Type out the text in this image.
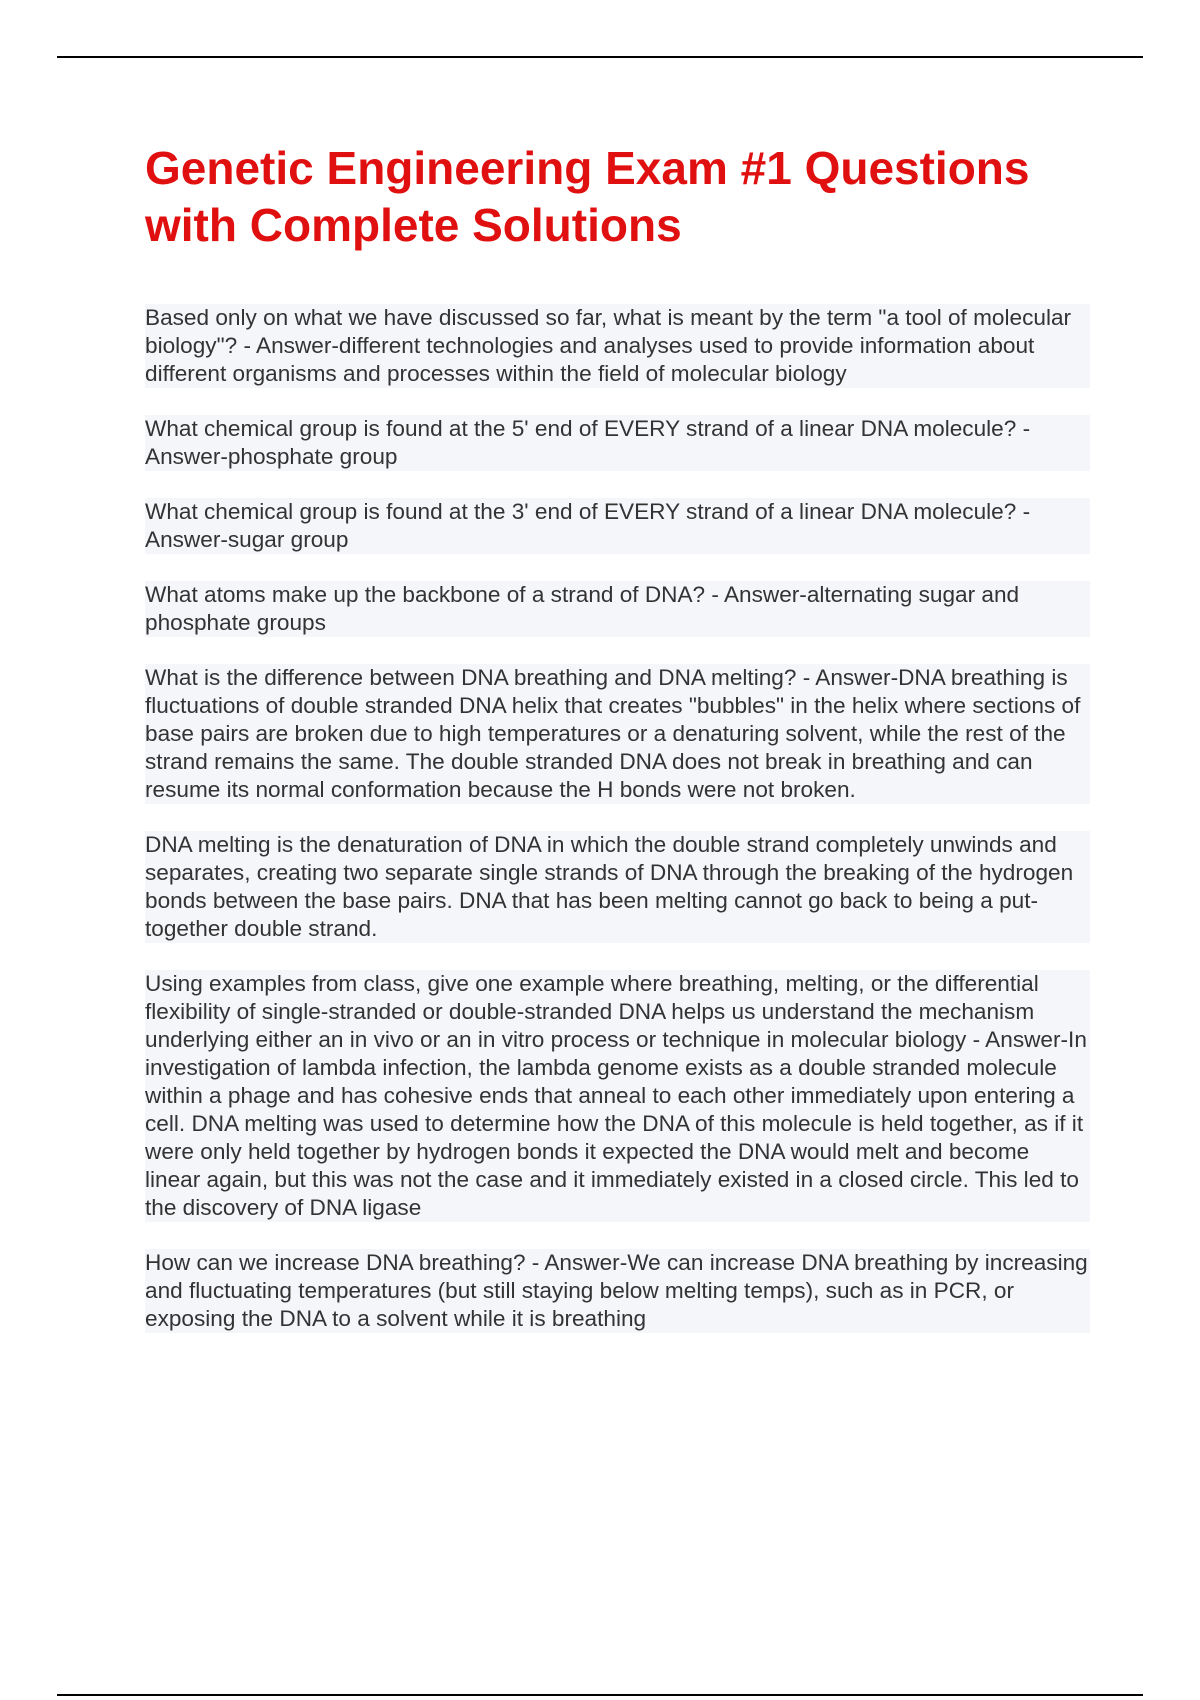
Genetic Engineering Exam #1 Questions with Complete Solutions

Based only on what we have discussed so far, what is meant by the term "a tool of molecular biology"? - Answer-different technologies and analyses used to provide information about different organisms and processes within the field of molecular biology

What chemical group is found at the 5' end of EVERY strand of a linear DNA molecule? - Answer-phosphate group

What chemical group is found at the 3' end of EVERY strand of a linear DNA molecule? - Answer-sugar group

What atoms make up the backbone of a strand of DNA? - Answer-alternating sugar and phosphate groups

What is the difference between DNA breathing and DNA melting? - Answer-DNA breathing is fluctuations of double stranded DNA helix that creates "bubbles" in the helix where sections of base pairs are broken due to high temperatures or a denaturing solvent, while the rest of the strand remains the same. The double stranded DNA does not break in breathing and can resume its normal conformation because the H bonds were not broken.

DNA melting is the denaturation of DNA in which the double strand completely unwinds and separates, creating two separate single strands of DNA through the breaking of the hydrogen bonds between the base pairs. DNA that has been melting cannot go back to being a put-together double strand.

Using examples from class, give one example where breathing, melting, or the differential flexibility of single-stranded or double-stranded DNA helps us understand the mechanism underlying either an in vivo or an in vitro process or technique in molecular biology - Answer-In investigation of lambda infection, the lambda genome exists as a double stranded molecule within a phage and has cohesive ends that anneal to each other immediately upon entering a cell. DNA melting was used to determine how the DNA of this molecule is held together, as if it were only held together by hydrogen bonds it expected the DNA would melt and become linear again, but this was not the case and it immediately existed in a closed circle. This led to the discovery of DNA ligase

How can we increase DNA breathing? - Answer-We can increase DNA breathing by increasing and fluctuating temperatures (but still staying below melting temps), such as in PCR, or exposing the DNA to a solvent while it is breathing
